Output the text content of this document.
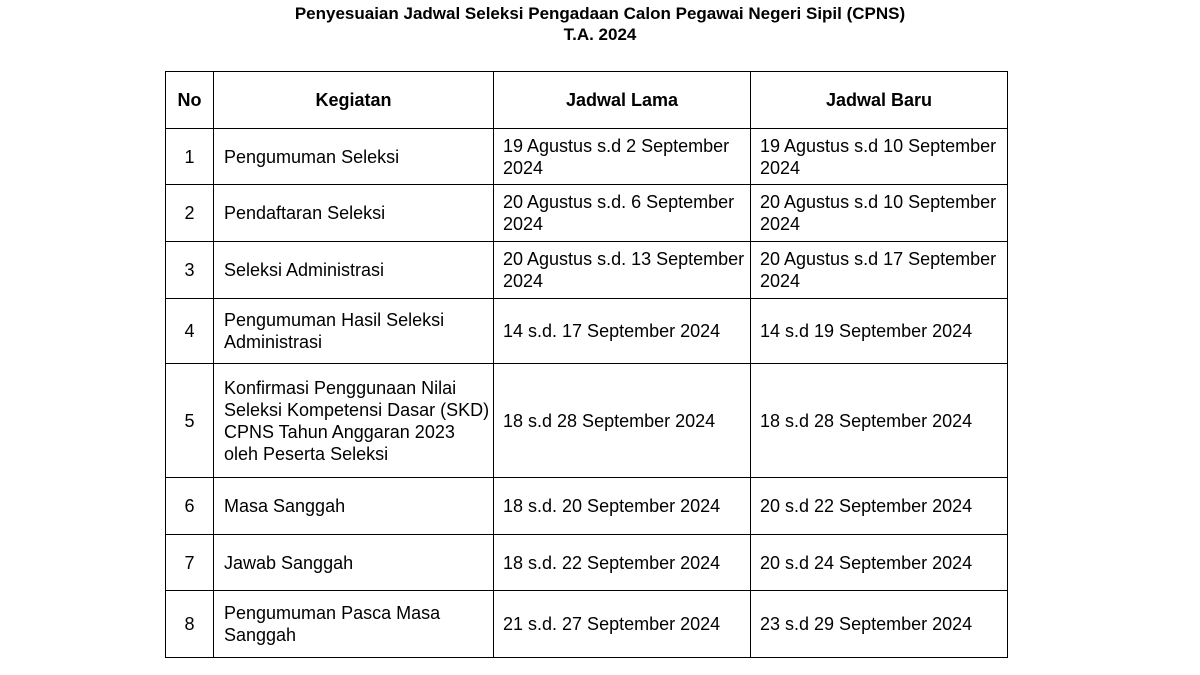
Penyesuaian Jadwal Seleksi Pengadaan Calon Pegawai Negeri Sipil (CPNS)
T.A. 2024
No	Kegiatan	Jadwal Lama	Jadwal Baru
1	Pengumuman Seleksi	19 Agustus s.d 2 September 2024	19 Agustus s.d 10 September 2024
2	Pendaftaran Seleksi	20 Agustus s.d. 6 September 2024	20 Agustus s.d 10 September 2024
3	Seleksi Administrasi	20 Agustus s.d. 13 September 2024	20 Agustus s.d 17 September 2024
4	Pengumuman Hasil Seleksi Administrasi	14 s.d. 17 September 2024	14 s.d 19 September 2024
5	Konfirmasi Penggunaan Nilai Seleksi Kompetensi Dasar (SKD) CPNS Tahun Anggaran 2023 oleh Peserta Seleksi	18 s.d 28 September 2024	18 s.d 28 September 2024
6	Masa Sanggah	18 s.d. 20 September 2024	20 s.d 22 September 2024
7	Jawab Sanggah	18 s.d. 22 September 2024	20 s.d 24 September 2024
8	Pengumuman Pasca Masa Sanggah	21 s.d. 27 September 2024	23 s.d 29 September 2024
